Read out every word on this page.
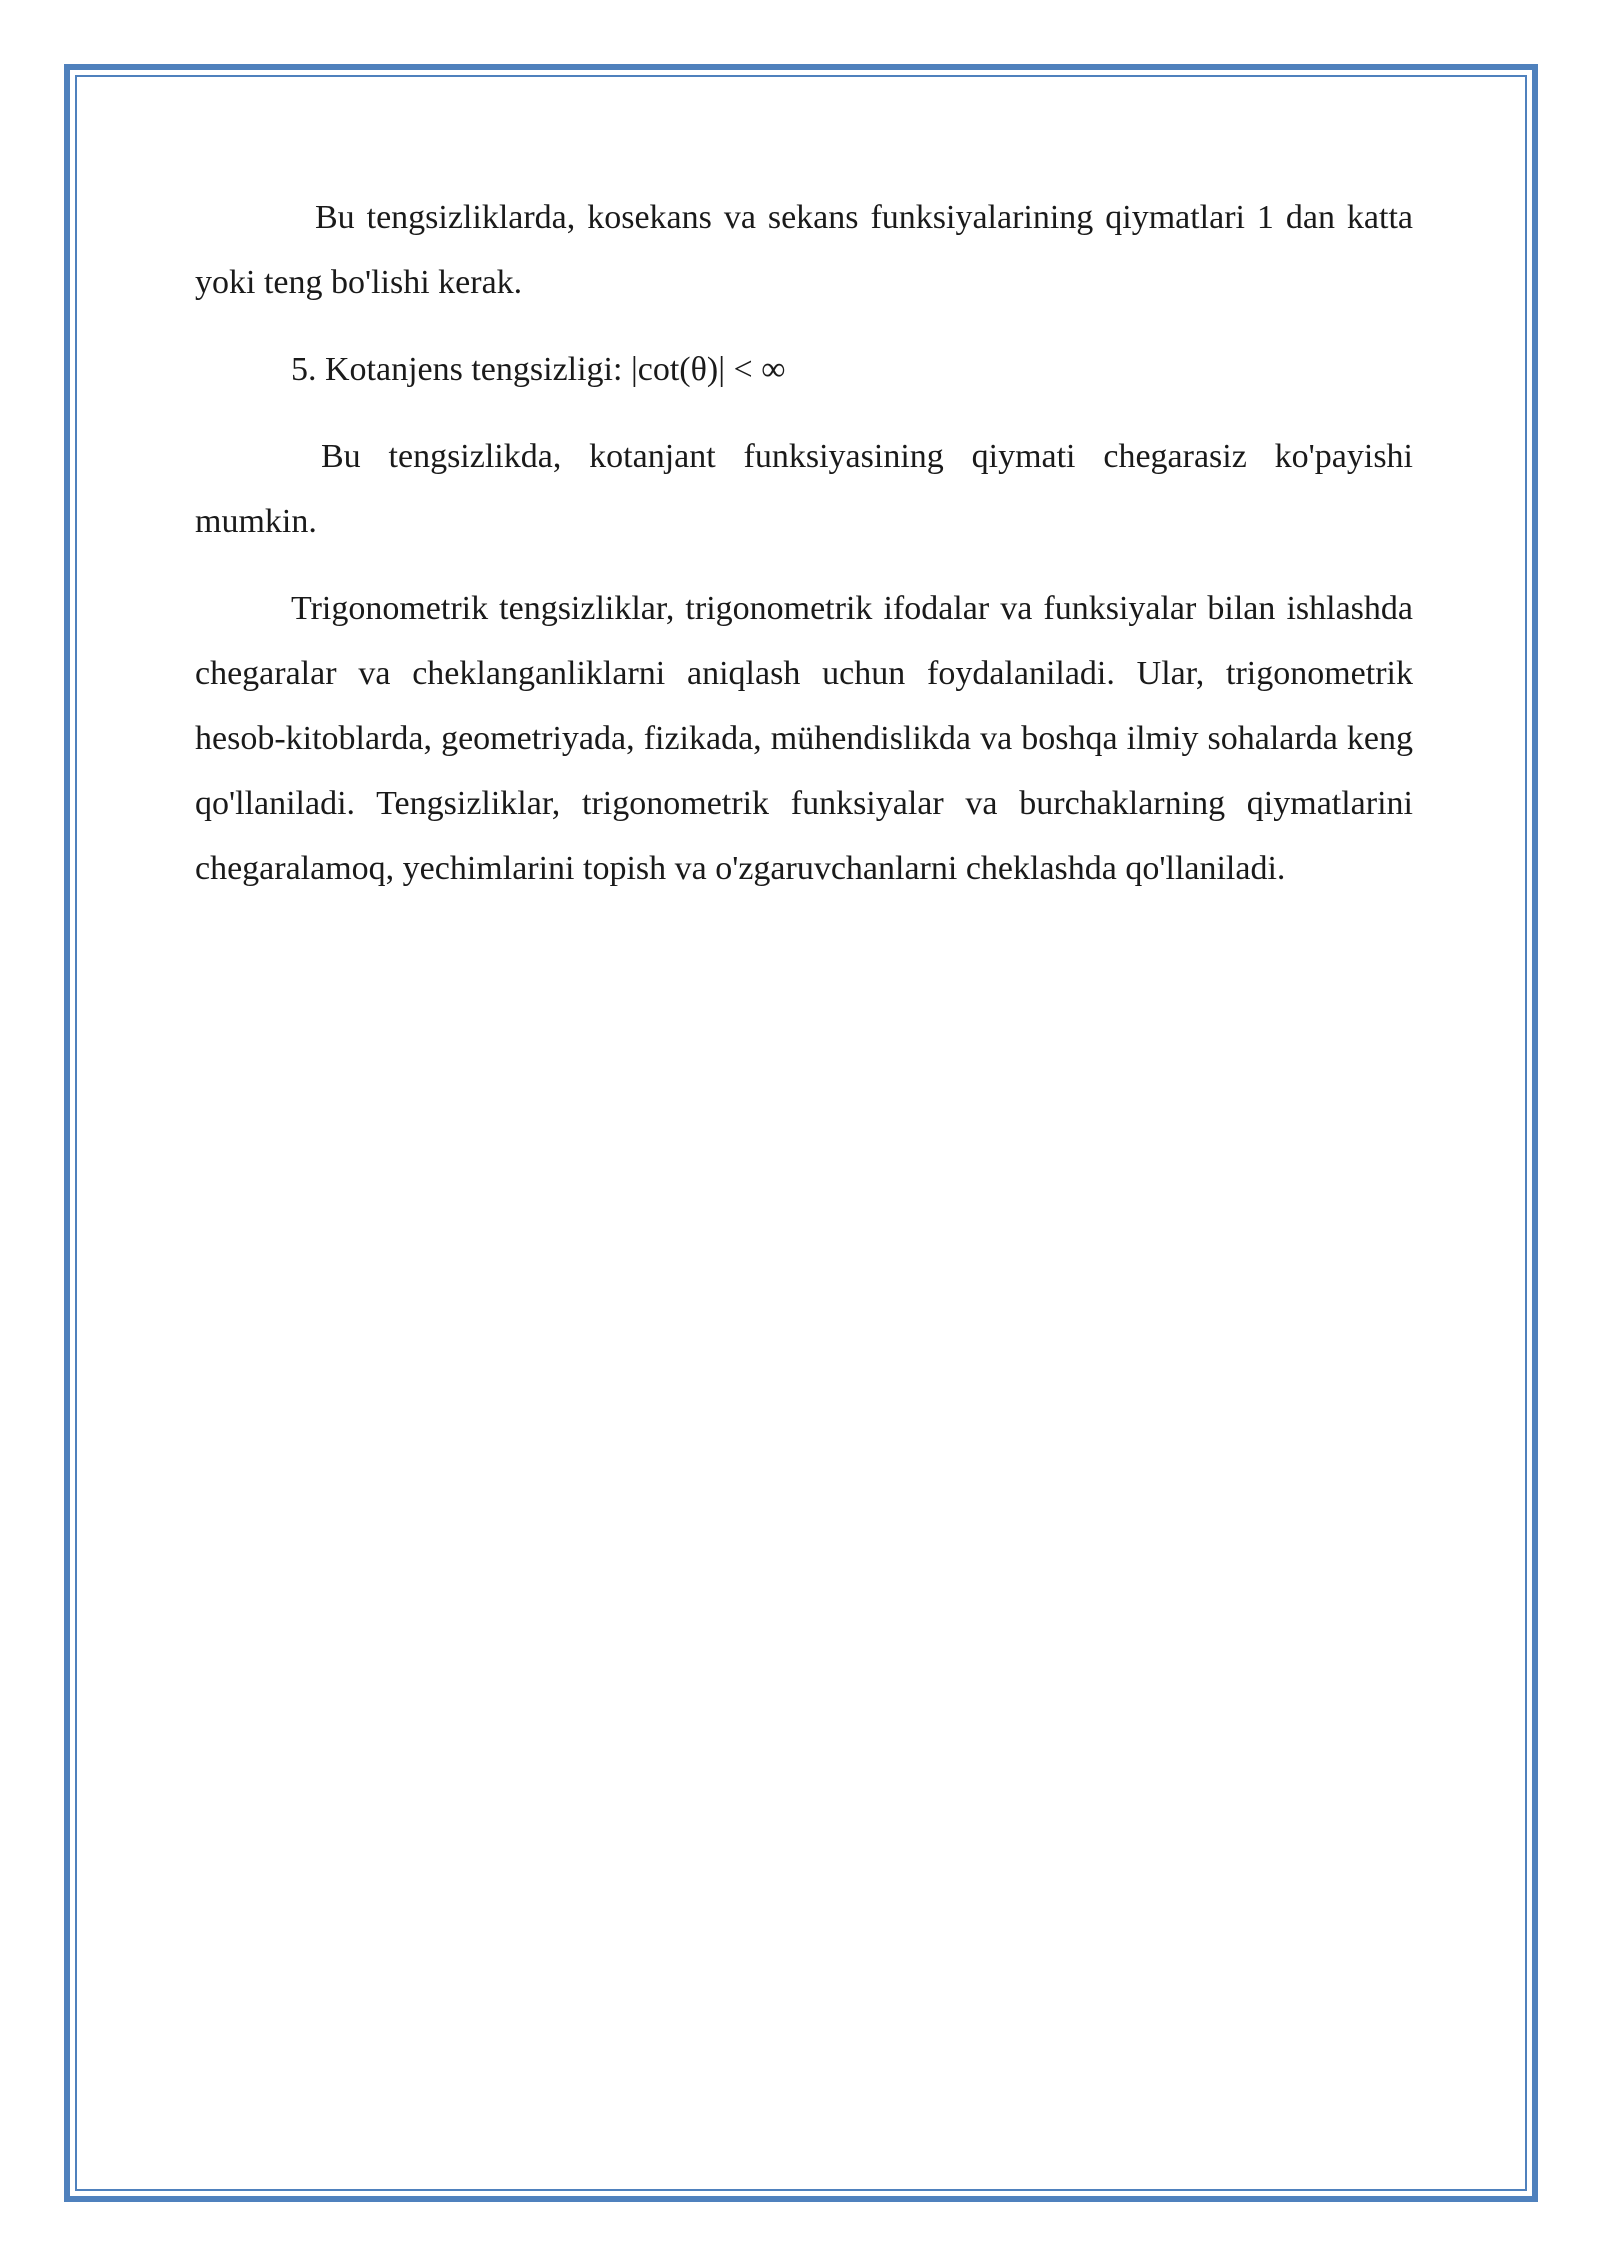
Bu tengsizliklarda, kosekans va sekans funksiyalarining qiymatlari 1 dan katta yoki teng bo'lishi kerak.

5. Kotanjens tengsizligi: |cot(θ)| < ∞

Bu tengsizlikda, kotanjant funksiyasining qiymati chegarasiz ko'payishi mumkin.

Trigonometrik tengsizliklar, trigonometrik ifodalar va funksiyalar bilan ishlashda chegaralar va cheklanganliklarni aniqlash uchun foydalaniladi. Ular, trigonometrik hesob-kitoblarda, geometriyada, fizikada, mühendislikda va boshqa ilmiy sohalarda keng qo'llaniladi. Tengsizliklar, trigonometrik funksiyalar va burchaklarning qiymatlarini chegaralamoq, yechimlarini topish va o'zgaruvchanlarni cheklashda qo'llaniladi.
